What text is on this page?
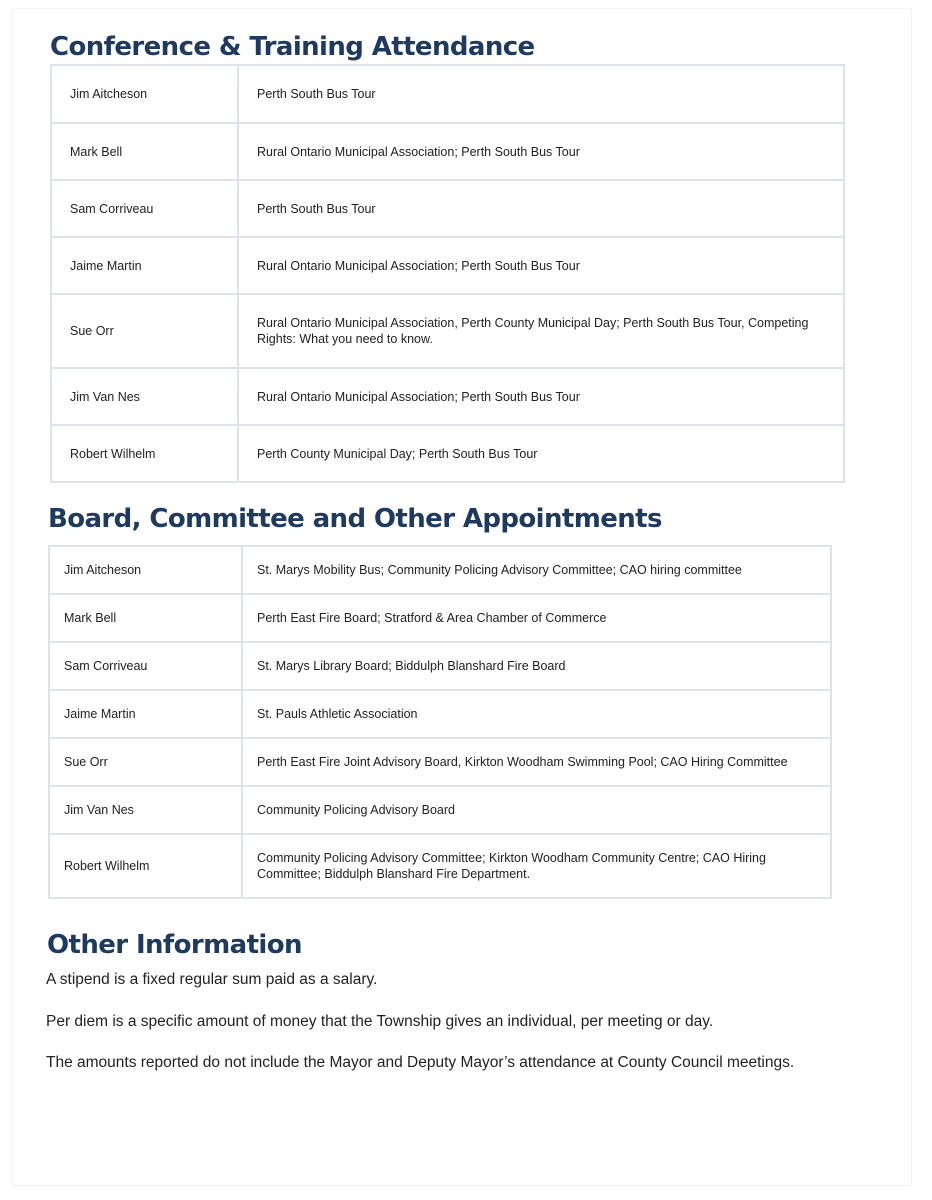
Conference & Training Attendance
Jim Aitcheson	Perth South Bus Tour
Mark Bell	Rural Ontario Municipal Association; Perth South Bus Tour
Sam Corriveau	Perth South Bus Tour
Jaime Martin	Rural Ontario Municipal Association; Perth South Bus Tour
Sue Orr	Rural Ontario Municipal Association, Perth County Municipal Day; Perth South Bus Tour, Competing Rights: What you need to know.
Jim Van Nes	Rural Ontario Municipal Association; Perth South Bus Tour
Robert Wilhelm	Perth County Municipal Day; Perth South Bus Tour
Board, Committee and Other Appointments
Jim Aitcheson	St. Marys Mobility Bus; Community Policing Advisory Committee; CAO hiring committee
Mark Bell	Perth East Fire Board; Stratford & Area Chamber of Commerce
Sam Corriveau	St. Marys Library Board; Biddulph Blanshard Fire Board
Jaime Martin	St. Pauls Athletic Association
Sue Orr	Perth East Fire Joint Advisory Board, Kirkton Woodham Swimming Pool; CAO Hiring Committee
Jim Van Nes	Community Policing Advisory Board
Robert Wilhelm	Community Policing Advisory Committee; Kirkton Woodham Community Centre; CAO Hiring Committee; Biddulph Blanshard Fire Department.
Other Information

A stipend is a fixed regular sum paid as a salary.

Per diem is a specific amount of money that the Township gives an individual, per meeting or day.

The amounts reported do not include the Mayor and Deputy Mayor’s attendance at County Council meetings.
